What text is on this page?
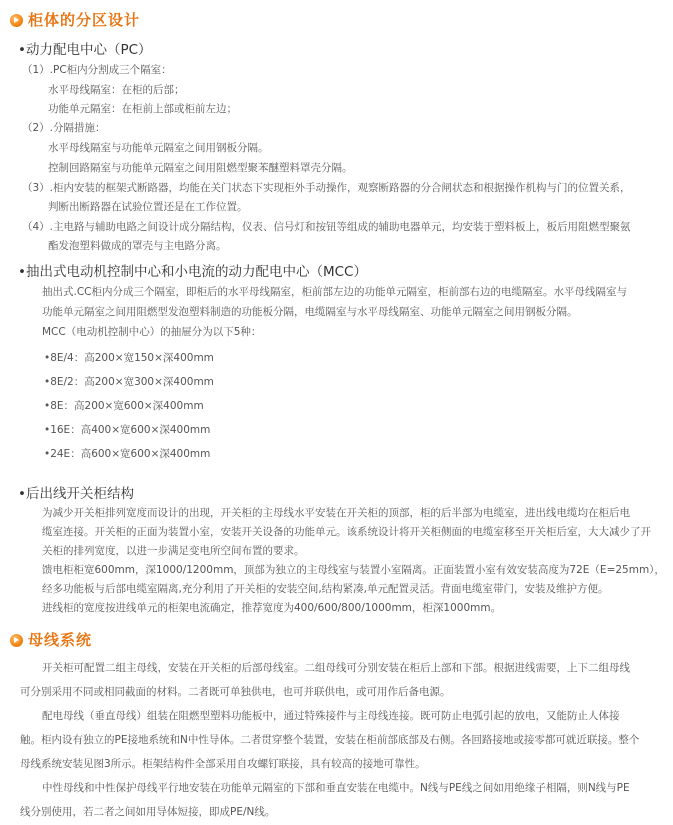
柜体的分区设计
•动力配电中心（PC）
（1）.PC柜内分割成三个隔室：
水平母线隔室：在柜的后部；
功能单元隔室：在柜前上部或柜前左边；
（2）.分隔措施：
水平母线隔室与功能单元隔室之间用钢板分隔。
控制回路隔室与功能单元隔室之间用阻燃型聚苯醚塑料罩壳分隔。
（3）.柜内安装的框架式断路器，均能在关门状态下实现柜外手动操作，观察断路器的分合闸状态和根据操作机构与门的位置关系，
判断出断路器在试验位置还是在工作位置。
（4）.主电路与辅助电路之间设计成分隔结构，仪表、信号灯和按钮等组成的辅助电器单元，均安装于塑料板上，板后用阻燃型聚氨
酯发泡塑料做成的罩壳与主电路分离。
•抽出式电动机控制中心和小电流的动力配电中心（MCC）
抽出式.CC柜内分成三个隔室，即柜后的水平母线隔室，柜前部左边的功能单元隔室，柜前部右边的电缆隔室。水平母线隔室与
功能单元隔室之间用阻燃型发泡塑料制造的功能板分隔，电缆隔室与水平母线隔室、功能单元隔室之间用钢板分隔。
MCC（电动机控制中心）的抽屉分为以下5种：
•8E/4：高200×宽150×深400mm
•8E/2：高200×宽300×深400mm
•8E：高200×宽600×深400mm
•16E：高400×宽600×深400mm
•24E：高600×宽600×深400mm
•后出线开关柜结构
为减少开关柜排列宽度而设计的出现，开关柜的主母线水平安装在开关柜的顶部，柜的后半部为电缆室，进出线电缆均在柜后电
缆室连接。开关柜的正面为装置小室，安装开关设备的功能单元。该系统设计将开关柜侧面的电缆室移至开关柜后室，大大减少了开
关柜的排列宽度，以进一步满足变电所空间布置的要求。
馈电柜柜宽600mm，深1000/1200mm，顶部为独立的主母线室与装置小室隔离。正面装置小室有效安装高度为72E（E=25mm），
经多功能板与后部电缆室隔离,充分利用了开关柜的安装空间,结构紧凑,单元配置灵活。背面电缆室带门，安装及维护方便。
进线柜的宽度按进线单元的柜架电流确定，推荐宽度为400/600/800/1000mm，柜深1000mm。
母线系统
开关柜可配置二组主母线，安装在开关柜的后部母线室。二组母线可分别安装在柜后上部和下部。根据进线需要，上下二组母线
可分别采用不同或相同截面的材料。二者既可单独供电，也可并联供电，或可用作后备电源。
配电母线（垂直母线）组装在阻燃型塑料功能板中，通过特殊接件与主母线连接。既可防止电弧引起的放电，又能防止人体接
触。柜内设有独立的PE接地系统和N中性导体。二者贯穿整个装置，安装在柜前部底部及右侧。各回路接地或接零都可就近联接。整个
母线系统安装见图3所示。柜架结构件全部采用自攻螺钉联接，具有较高的接地可靠性。
中性母线和中性保护母线平行地安装在功能单元隔室的下部和垂直安装在电缆中。N线与PE线之间如用绝缘子相隔，则N线与PE
线分别使用，若二者之间如用导体短接，即成PE/N线。
